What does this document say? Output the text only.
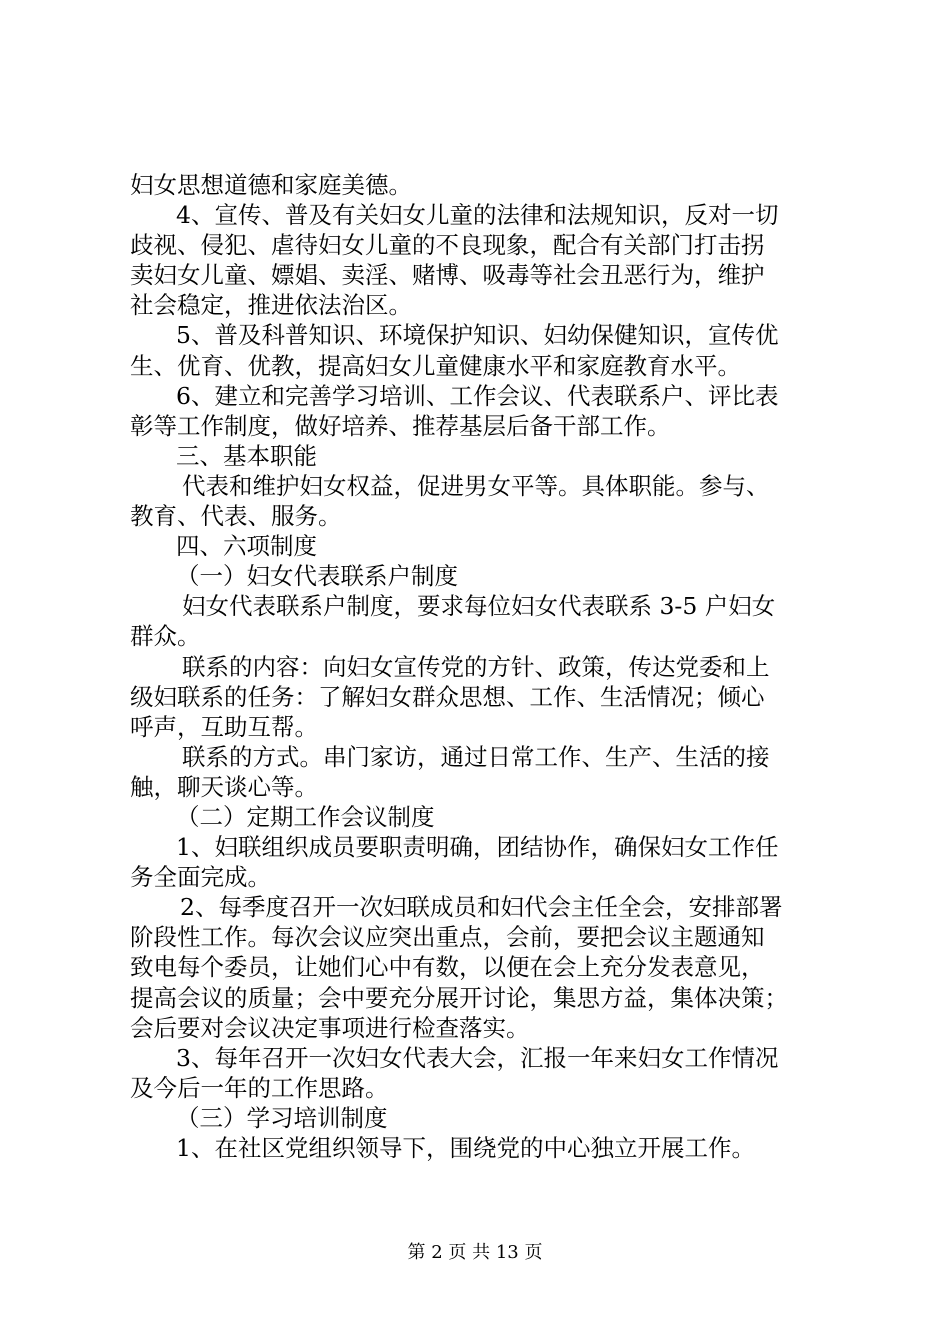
妇女思想道德和家庭美德。
4、宣传、普及有关妇女儿童的法律和法规知识，反对一切
歧视、侵犯、虐待妇女儿童的不良现象，配合有关部门打击拐
卖妇女儿童、嫖娼、卖淫、赌博、吸毒等社会丑恶行为，维护
社会稳定，推进依法治区。
5、普及科普知识、环境保护知识、妇幼保健知识，宣传优
生、优育、优教，提高妇女儿童健康水平和家庭教育水平。
6、建立和完善学习培训、工作会议、代表联系户、评比表
彰等工作制度，做好培养、推荐基层后备干部工作。
三、基本职能
代表和维护妇女权益，促进男女平等。具体职能。参与、
教育、代表、服务。
四、六项制度
（一）妇女代表联系户制度
妇女代表联系户制度，要求每位妇女代表联系 3-5 户妇女
群众。
联系的内容：向妇女宣传党的方针、政策，传达党委和上
级妇联系的任务：了解妇女群众思想、工作、生活情况；倾心
呼声，互助互帮。
联系的方式。串门家访，通过日常工作、生产、生活的接
触，聊天谈心等。
（二）定期工作会议制度
1、妇联组织成员要职责明确，团结协作，确保妇女工作任
务全面完成。
2、每季度召开一次妇联成员和妇代会主任全会，安排部署
阶段性工作。每次会议应突出重点，会前，要把会议主题通知
致电每个委员，让她们心中有数，以便在会上充分发表意见，
提高会议的质量；会中要充分展开讨论，集思方益，集体决策；
会后要对会议决定事项进行检查落实。
3、每年召开一次妇女代表大会，汇报一年来妇女工作情况
及今后一年的工作思路。
（三）学习培训制度
1、在社区党组织领导下，围绕党的中心独立开展工作。
第 2 页 共 13 页
